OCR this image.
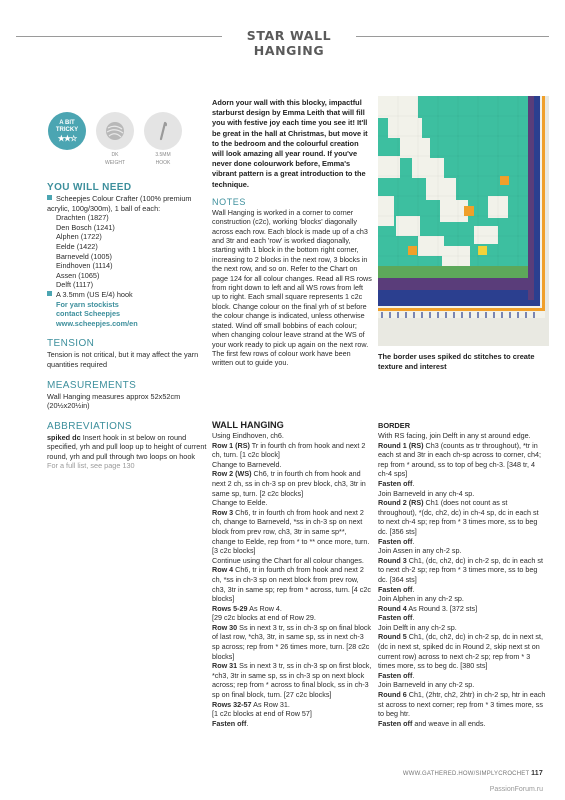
STAR WALL HANGING
A BIT
TRICKY
★★☆
DK
WEIGHT
3.5MM
HOOK
YOU WILL NEED
Scheepjes Colour Crafter (100% premium acrylic, 100g/300m), 1 ball of each:
Drachten (1827)
Den Bosch (1241)
Alphen (1722)
Eelde (1422)
Barneveld (1005)
Eindhoven (1114)
Assen (1065)
Delft (1117)
A 3.5mm (US E/4) hook
For yarn stockists
contact Scheepjes
www.scheepjes.com/en
TENSION
Tension is not critical, but it may affect the yarn quantities required
MEASUREMENTS
Wall Hanging measures approx 52x52cm (20½x20½in)
ABBREVIATIONS
spiked dc Insert hook in st below on round specified, yrh and pull loop up to height of current round, yrh and pull through two loops on hook
For a full list, see page 130
Adorn your wall with this blocky, impactful starburst design by Emma Leith that will fill you with festive joy each time you see it! It'll be great in the hall at Christmas, but move it to the bedroom and the colourful creation will look amazing all year round. If you've never done colourwork before, Emma's vibrant pattern is a great introduction to the technique.
NOTES
Wall Hanging is worked in a corner to corner construction (c2c), working 'blocks' diagonally across each row. Each block is made up of a ch3 and 3tr and each 'row' is worked diagonally, starting with 1 block in the bottom right corner, increasing to 2 blocks in the next row, 3 blocks in the next row, and so on. Refer to the Chart on page 124 for all colour changes. Read all RS rows from right down to left and all WS rows from left up to right. Each small square represents 1 c2c block. Change colour on the final yrh of st before the colour change is indicated, unless otherwise stated. Wind off small bobbins of each colour; when changing colour leave strand at the WS of your work ready to pick up again on the next row. The first few rows of colour work have been written out to guide you.
The border uses spiked dc stitches to create texture and interest
WALL HANGING

Using Eindhoven, ch6.

Row 1 (RS) Tr in fourth ch from hook and next 2 ch, turn. [1 c2c block]

Change to Barneveld.

Row 2 (WS) Ch6, tr in fourth ch from hook and next 2 ch, ss in ch-3 sp on prev block, ch3, 3tr in same sp, turn. [2 c2c blocks]

Change to Eelde.

Row 3 Ch6, tr in fourth ch from hook and next 2 ch, change to Barneveld, *ss in ch-3 sp on next block from prev row, ch3, 3tr in same sp**, change to Eelde, rep from * to ** once more, turn. [3 c2c blocks]

Continue using the Chart for all colour changes.

Row 4 Ch6, tr in fourth ch from hook and next 2 ch, *ss in ch-3 sp on next block from prev row, ch3, 3tr in same sp; rep from * across, turn. [4 c2c blocks]

Rows 5-29 As Row 4.

[29 c2c blocks at end of Row 29.

Row 30 Ss in next 3 tr, ss in ch-3 sp on final block of last row, *ch3, 3tr, in same sp, ss in next ch-3 sp across; rep from * 26 times more, turn. [28 c2c blocks]

Row 31 Ss in next 3 tr, ss in ch-3 sp on first block, *ch3, 3tr in same sp, ss in ch-3 sp on next block across; rep from * across to final block, ss in ch-3 sp on final block, turn. [27 c2c blocks]

Rows 32-57 As Row 31.

[1 c2c blocks at end of Row 57]

Fasten off.

BORDER

With RS facing, join Delft in any st around edge.

Round 1 (RS) Ch3 (counts as tr throughout), *tr in each st and 3tr in each ch-sp across to corner, ch4; rep from * around, ss to top of beg ch-3. [348 tr, 4 ch-4 sps]

Fasten off.

Join Barneveld in any ch-4 sp.

Round 2 (RS) Ch1 (does not count as st throughout), *(dc, ch2, dc) in ch-4 sp, dc in each st to next ch-4 sp; rep from * 3 times more, ss to beg dc. [356 sts]

Fasten off.

Join Assen in any ch-2 sp.

Round 3 Ch1, (dc, ch2, dc) in ch-2 sp, dc in each st to next ch-2 sp; rep from * 3 times more, ss to beg dc. [364 sts]

Fasten off.

Join Alphen in any ch-2 sp.

Round 4 As Round 3. [372 sts]

Fasten off.

Join Delft in any ch-2 sp.

Round 5 Ch1, (dc, ch2, dc) in ch-2 sp, dc in next st, (dc in next st, spiked dc in Round 2, skip next st on current row) across to next ch-2 sp; rep from * 3 times more, ss to beg dc. [380 sts]

Fasten off.

Join Barneveld in any ch-2 sp.

Round 6 Ch1, (2htr, ch2, 2htr) in ch-2 sp, htr in each st across to next corner; rep from * 3 times more, ss to beg htr.

Fasten off and weave in all ends.

WWW.GATHERED.HOW/SIMPLYCROCHET 117
PassionForum.ru
